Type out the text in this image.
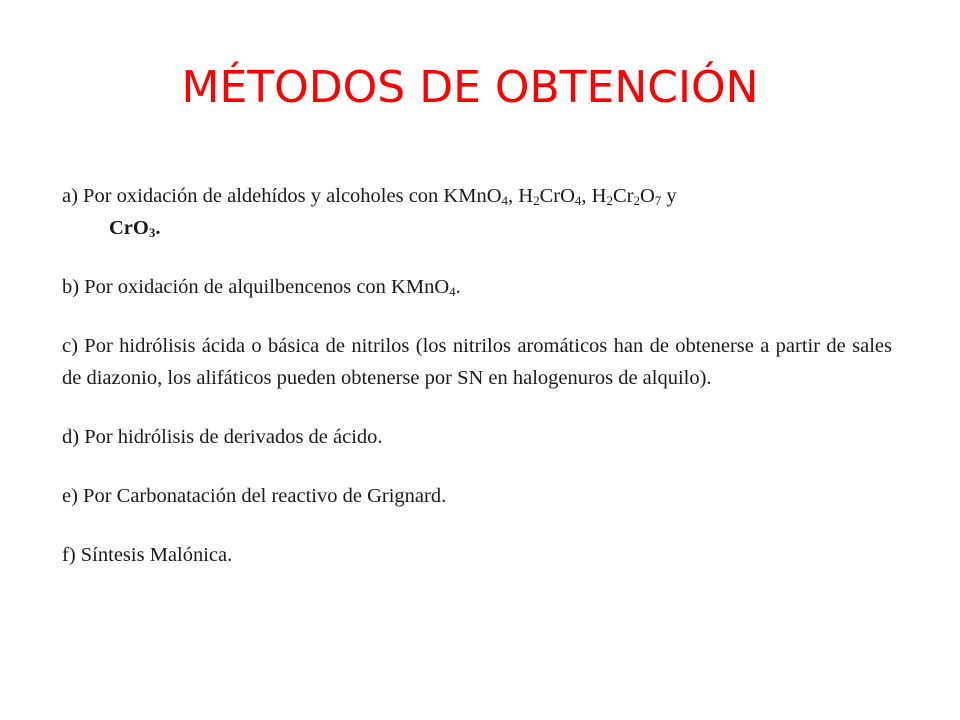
MÉTODOS DE OBTENCIÓN

a) Por oxidación de aldehídos y alcoholes con KMnO$_4$, $H_2CrO_4$, $H_2Cr_2O_7$ y
CrO$_3$.

b) Por oxidación de alquilbencenos con KMnO$_4$.

c) Por hidrólisis ácida o básica de nitrilos (los nitrilos aromáticos han de obtenerse a partir de sales de diazonio, los alifáticos pueden obtenerse por SN en halogenuros de alquilo).

d) Por hidrólisis de derivados de ácido.

e) Por Carbonatación del reactivo de Grignard.

f) Síntesis Malónica.
